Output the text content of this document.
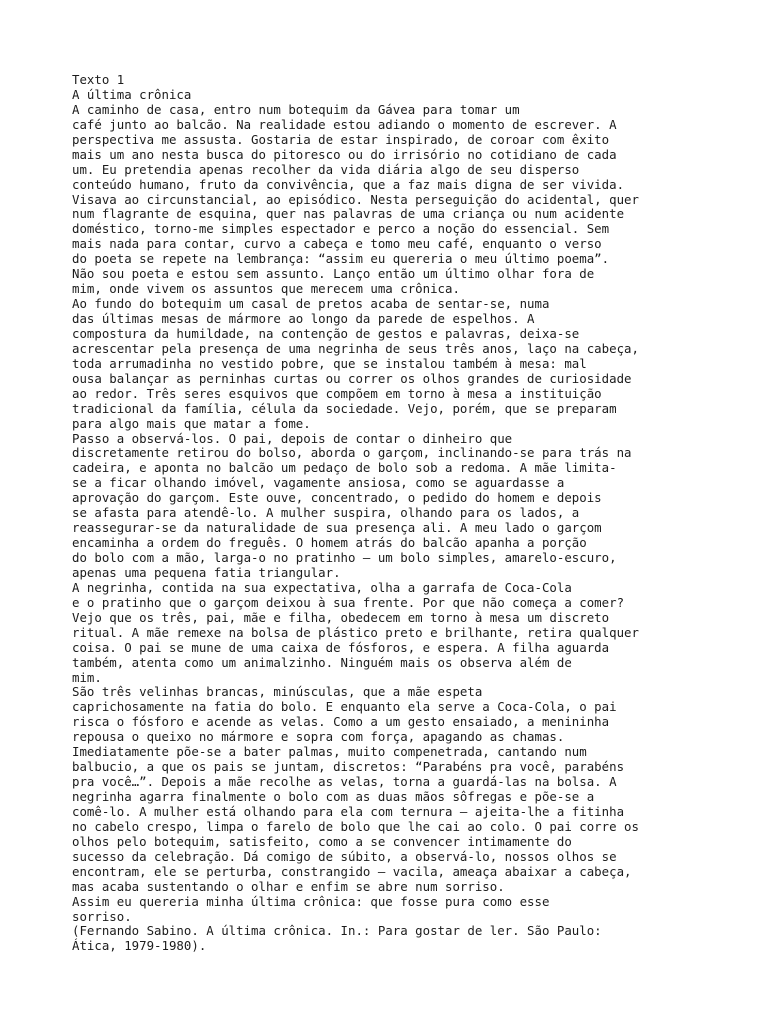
Texto 1
A última crônica
A caminho de casa, entro num botequim da Gávea para tomar um
café junto ao balcão. Na realidade estou adiando o momento de escrever. A
perspectiva me assusta. Gostaria de estar inspirado, de coroar com êxito
mais um ano nesta busca do pitoresco ou do irrisório no cotidiano de cada
um. Eu pretendia apenas recolher da vida diária algo de seu disperso
conteúdo humano, fruto da convivência, que a faz mais digna de ser vivida.
Visava ao circunstancial, ao episódico. Nesta perseguição do acidental, quer
num flagrante de esquina, quer nas palavras de uma criança ou num acidente
doméstico, torno-me simples espectador e perco a noção do essencial. Sem
mais nada para contar, curvo a cabeça e tomo meu café, enquanto o verso
do poeta se repete na lembrança: “assim eu quereria o meu último poema”.
Não sou poeta e estou sem assunto. Lanço então um último olhar fora de
mim, onde vivem os assuntos que merecem uma crônica.
Ao fundo do botequim um casal de pretos acaba de sentar-se, numa
das últimas mesas de mármore ao longo da parede de espelhos. A
compostura da humildade, na contenção de gestos e palavras, deixa-se
acrescentar pela presença de uma negrinha de seus três anos, laço na cabeça,
toda arrumadinha no vestido pobre, que se instalou também à mesa: mal
ousa balançar as perninhas curtas ou correr os olhos grandes de curiosidade
ao redor. Três seres esquivos que compõem em torno à mesa a instituição
tradicional da família, célula da sociedade. Vejo, porém, que se preparam
para algo mais que matar a fome.
Passo a observá-los. O pai, depois de contar o dinheiro que
discretamente retirou do bolso, aborda o garçom, inclinando-se para trás na
cadeira, e aponta no balcão um pedaço de bolo sob a redoma. A mãe limita-
se a ficar olhando imóvel, vagamente ansiosa, como se aguardasse a
aprovação do garçom. Este ouve, concentrado, o pedido do homem e depois
se afasta para atendê-lo. A mulher suspira, olhando para os lados, a
reassegurar-se da naturalidade de sua presença ali. A meu lado o garçom
encaminha a ordem do freguês. O homem atrás do balcão apanha a porção
do bolo com a mão, larga-o no pratinho – um bolo simples, amarelo-escuro,
apenas uma pequena fatia triangular.
A negrinha, contida na sua expectativa, olha a garrafa de Coca-Cola
e o pratinho que o garçom deixou à sua frente. Por que não começa a comer?
Vejo que os três, pai, mãe e filha, obedecem em torno à mesa um discreto
ritual. A mãe remexe na bolsa de plástico preto e brilhante, retira qualquer
coisa. O pai se mune de uma caixa de fósforos, e espera. A filha aguarda
também, atenta como um animalzinho. Ninguém mais os observa além de
mim.
São três velinhas brancas, minúsculas, que a mãe espeta
caprichosamente na fatia do bolo. E enquanto ela serve a Coca-Cola, o pai
risca o fósforo e acende as velas. Como a um gesto ensaiado, a menininha
repousa o queixo no mármore e sopra com força, apagando as chamas.
Imediatamente põe-se a bater palmas, muito compenetrada, cantando num
balbucio, a que os pais se juntam, discretos: “Parabéns pra você, parabéns
pra você…”. Depois a mãe recolhe as velas, torna a guardá-las na bolsa. A
negrinha agarra finalmente o bolo com as duas mãos sôfregas e põe-se a
comê-lo. A mulher está olhando para ela com ternura – ajeita-lhe a fitinha
no cabelo crespo, limpa o farelo de bolo que lhe cai ao colo. O pai corre os
olhos pelo botequim, satisfeito, como a se convencer intimamente do
sucesso da celebração. Dá comigo de súbito, a observá-lo, nossos olhos se
encontram, ele se perturba, constrangido – vacila, ameaça abaixar a cabeça,
mas acaba sustentando o olhar e enfim se abre num sorriso.
Assim eu quereria minha última crônica: que fosse pura como esse
sorriso.
(Fernando Sabino. A última crônica. In.: Para gostar de ler. São Paulo:
Ática, 1979-1980).
